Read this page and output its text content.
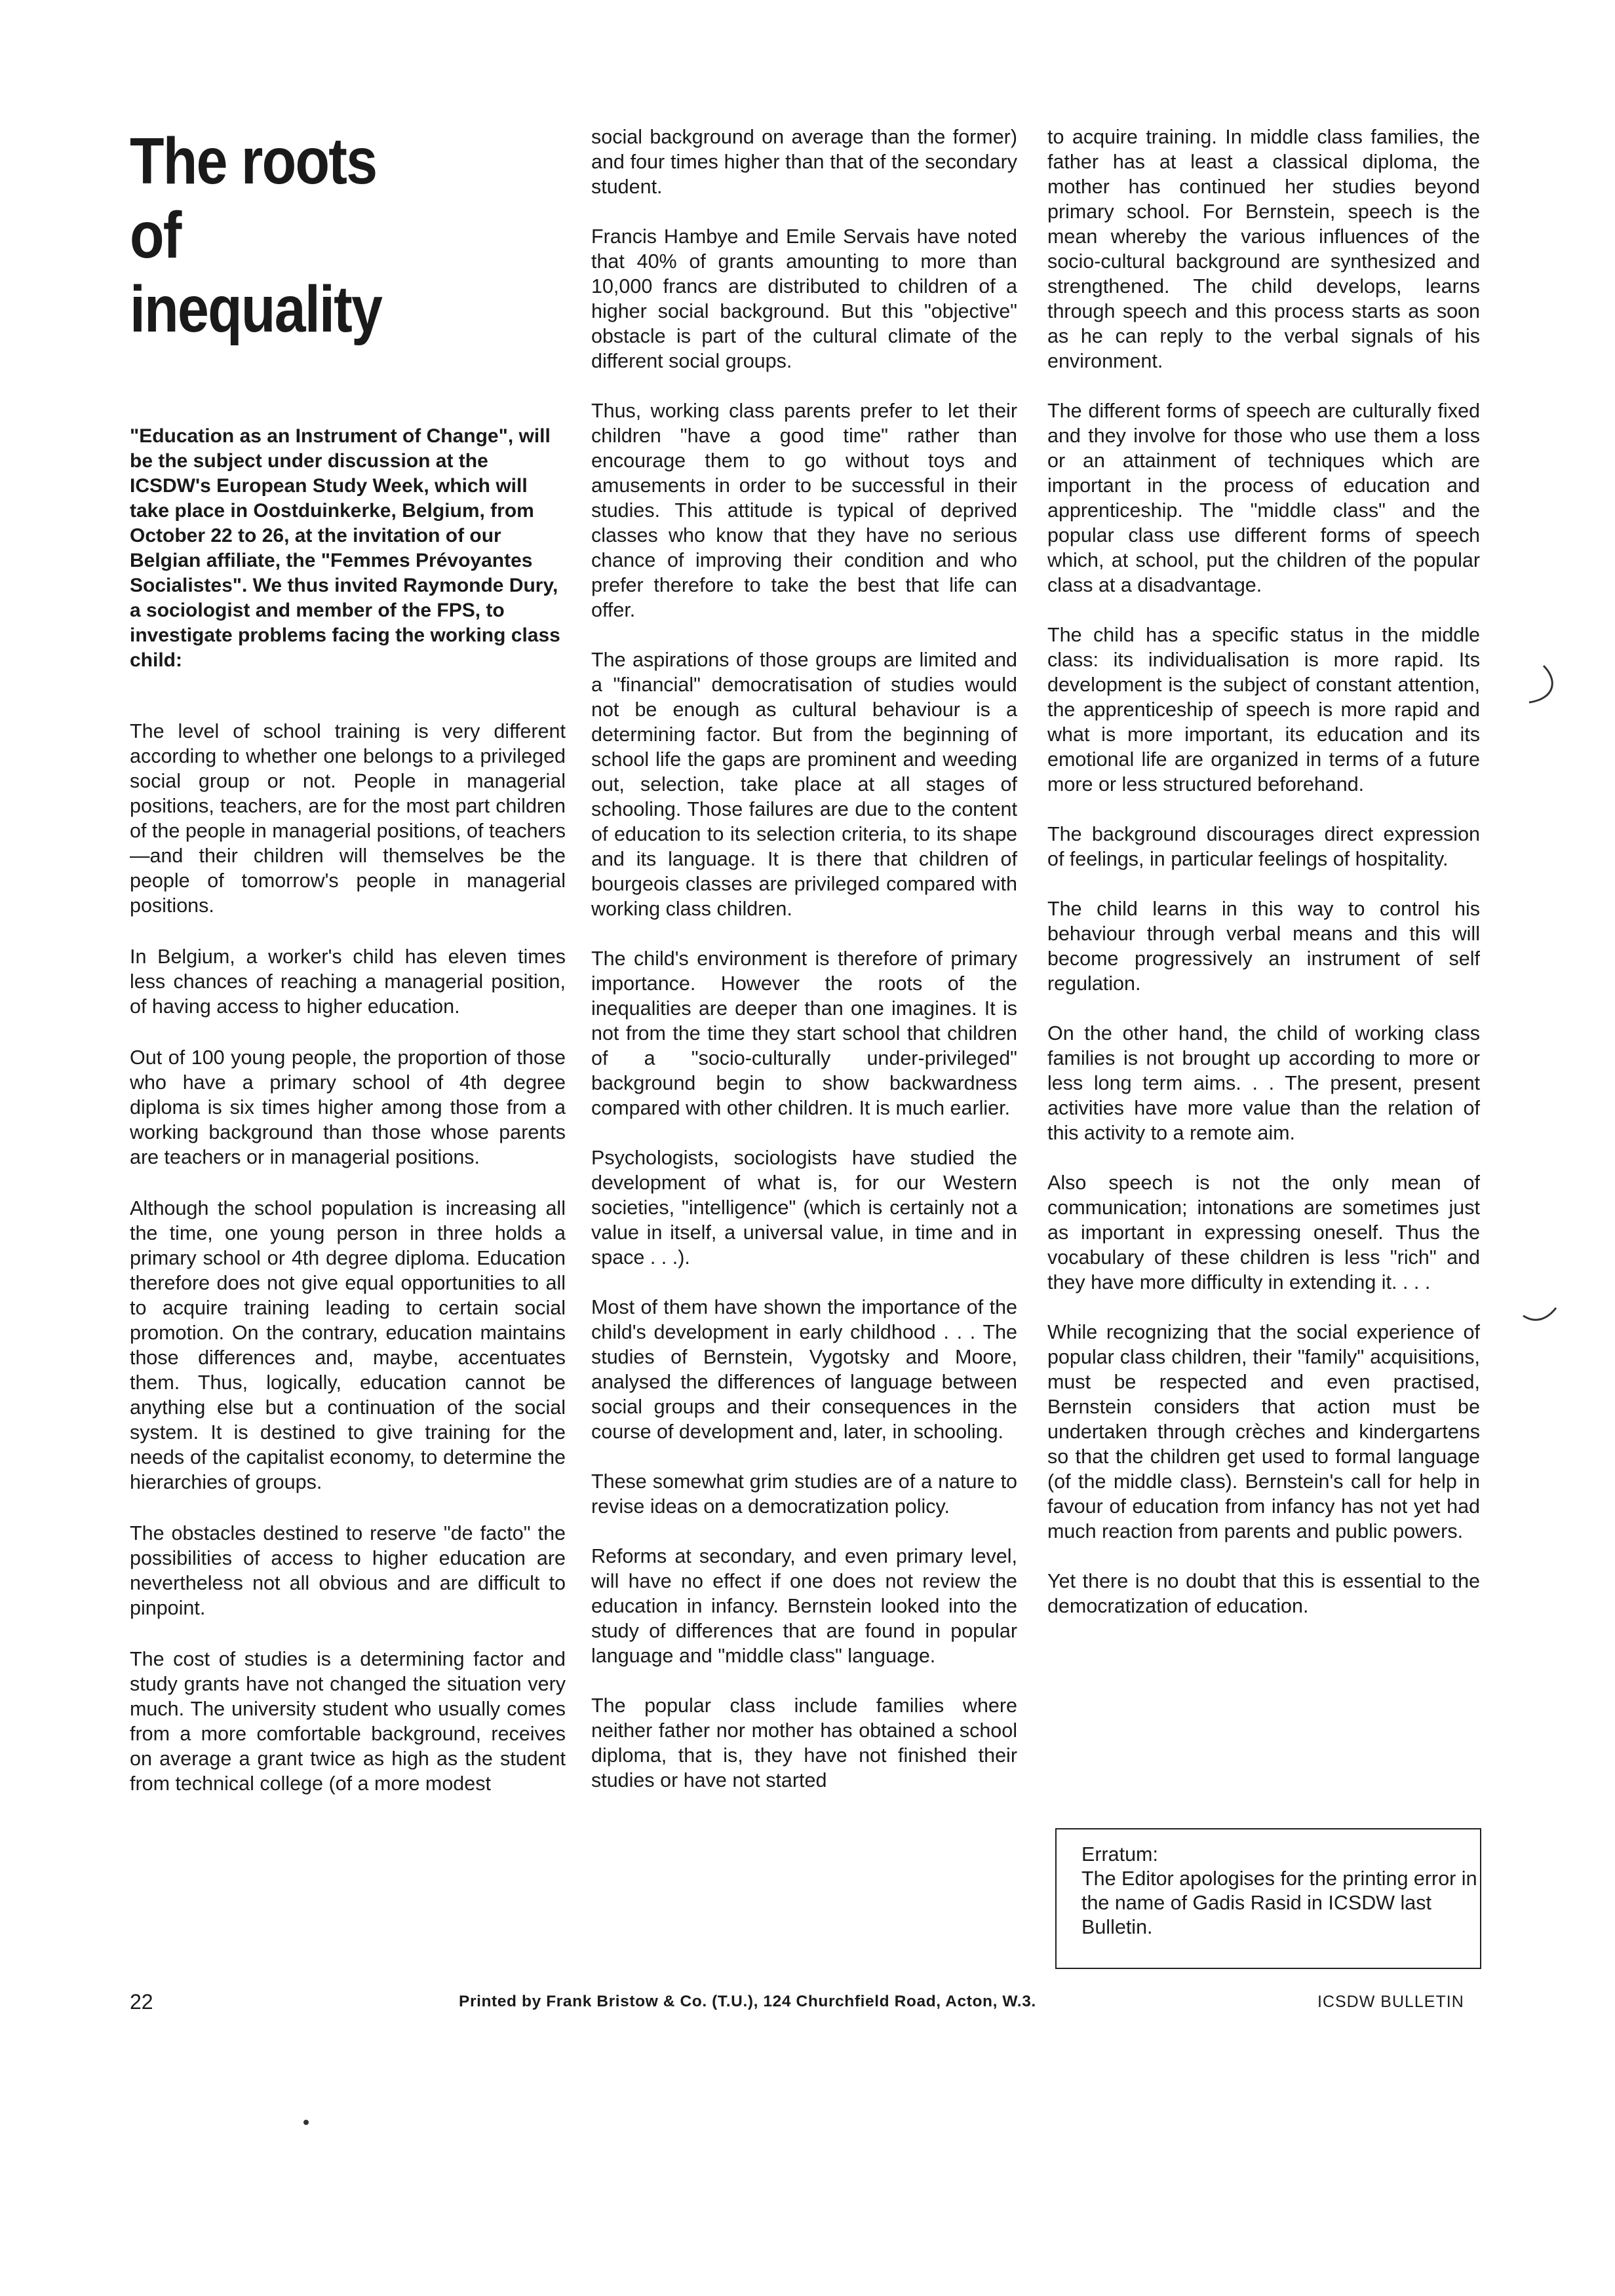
The roots
of
inequality
"Education as an Instrument of Change", will be the subject under discussion at the ICSDW's European Study Week, which will take place in Oostduinkerke, Belgium, from October 22 to 26, at the invitation of our Belgian affiliate, the "Femmes Prévoyantes Socialistes". We thus invited Raymonde Dury, a sociologist and member of the FPS, to investigate problems facing the working class child:

The level of school training is very different according to whether one belongs to a privileged social group or not. People in managerial positions, teachers, are for the most part children of the people in managerial positions, of teachers—and their children will themselves be the people of tomorrow's people in managerial positions.

In Belgium, a worker's child has eleven times less chances of reaching a managerial position, of having access to higher education.

Out of 100 young people, the proportion of those who have a primary school of 4th degree diploma is six times higher among those from a working background than those whose parents are teachers or in managerial positions.

Although the school population is increasing all the time, one young person in three holds a primary school or 4th degree diploma. Education therefore does not give equal opportunities to all to acquire training leading to certain social promotion. On the contrary, education maintains those differences and, maybe, accentuates them. Thus, logically, education cannot be anything else but a continuation of the social system. It is destined to give training for the needs of the capitalist economy, to determine the hierarchies of groups.

The obstacles destined to reserve "de facto" the possibilities of access to higher education are nevertheless not all obvious and are difficult to pinpoint.

The cost of studies is a determining factor and study grants have not changed the situation very much. The university student who usually comes from a more comfortable background, receives on average a grant twice as high as the student from technical college (of a more modest

social background on average than the former) and four times higher than that of the secondary student.

Francis Hambye and Emile Servais have noted that 40% of grants amounting to more than 10,000 francs are distributed to children of a higher social background. But this "objective" obstacle is part of the cultural climate of the different social groups.

Thus, working class parents prefer to let their children "have a good time" rather than encourage them to go without toys and amusements in order to be successful in their studies. This attitude is typical of deprived classes who know that they have no serious chance of improving their condition and who prefer therefore to take the best that life can offer.

The aspirations of those groups are limited and a "financial" democratisation of studies would not be enough as cultural behaviour is a determining factor. But from the beginning of school life the gaps are prominent and weeding out, selection, take place at all stages of schooling. Those failures are due to the content of education to its selection criteria, to its shape and its language. It is there that children of bourgeois classes are privileged compared with working class children.

The child's environment is therefore of primary importance. However the roots of the inequalities are deeper than one imagines. It is not from the time they start school that children of a "socio-culturally under-privileged" background begin to show backwardness compared with other children. It is much earlier.

Psychologists, sociologists have studied the development of what is, for our Western societies, "intelligence" (which is certainly not a value in itself, a universal value, in time and in space . . .).

Most of them have shown the importance of the child's development in early childhood . . . The studies of Bernstein, Vygotsky and Moore, analysed the differences of language between social groups and their consequences in the course of development and, later, in schooling.

These somewhat grim studies are of a nature to revise ideas on a democratization policy.

Reforms at secondary, and even primary level, will have no effect if one does not review the education in infancy. Bernstein looked into the study of differences that are found in popular language and "middle class" language.

The popular class include families where neither father nor mother has obtained a school diploma, that is, they have not finished their studies or have not started

to acquire training. In middle class families, the father has at least a classical diploma, the mother has continued her studies beyond primary school. For Bernstein, speech is the mean whereby the various influences of the socio-cultural background are synthesized and strengthened. The child develops, learns through speech and this process starts as soon as he can reply to the verbal signals of his environment.

The different forms of speech are culturally fixed and they involve for those who use them a loss or an attainment of techniques which are important in the process of education and apprenticeship. The "middle class" and the popular class use different forms of speech which, at school, put the children of the popular class at a disadvantage.

The child has a specific status in the middle class: its individualisation is more rapid. Its development is the subject of constant attention, the apprenticeship of speech is more rapid and what is more important, its education and its emotional life are organized in terms of a future more or less structured beforehand.

The background discourages direct expression of feelings, in particular feelings of hospitality.

The child learns in this way to control his behaviour through verbal means and this will become progressively an instrument of self regulation.

On the other hand, the child of working class families is not brought up according to more or less long term aims. . . The present, present activities have more value than the relation of this activity to a remote aim.

Also speech is not the only mean of communication; intonations are sometimes just as important in expressing oneself. Thus the vocabulary of these children is less "rich" and they have more difficulty in extending it. . . .

While recognizing that the social experience of popular class children, their "family" acquisitions, must be respected and even practised, Bernstein considers that action must be undertaken through crèches and kindergartens so that the children get used to formal language (of the middle class). Bernstein's call for help in favour of education from infancy has not yet had much reaction from parents and public powers.

Yet there is no doubt that this is essential to the democratization of education.

Erratum:
The Editor apologises for the printing error in the name of Gadis Rasid in ICSDW last Bulletin.
22	Printed by Frank Bristow & Co. (T.U.), 124 Churchfield Road, Acton, W.3.	ICSDW BULLETIN
